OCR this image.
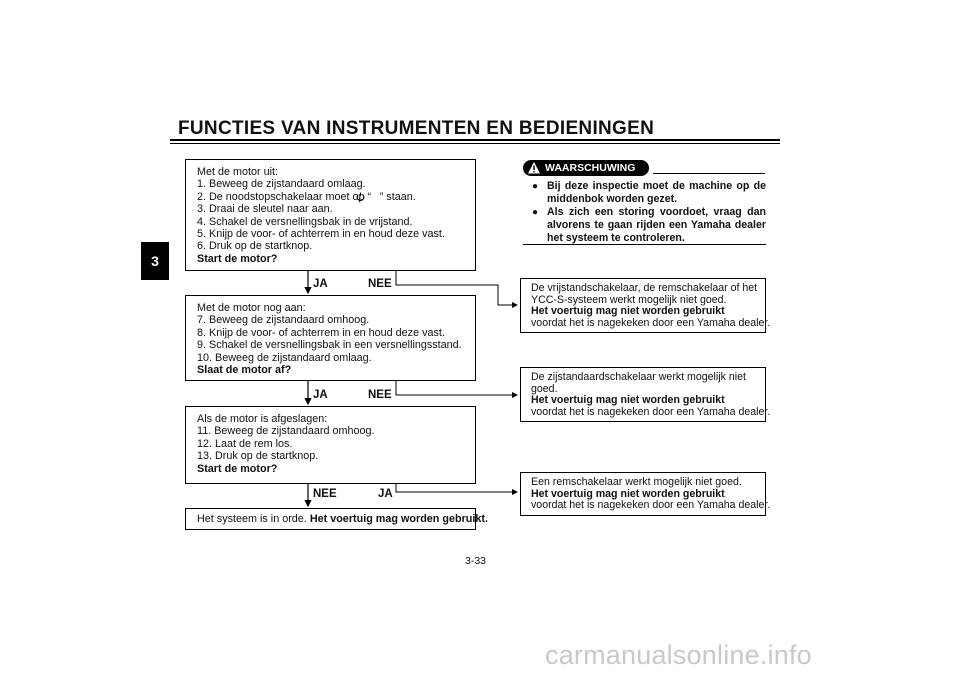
FUNCTIES VAN INSTRUMENTEN EN BEDIENINGEN
3
Met de motor uit:
1. Beweeg de zijstandaard omlaag.
2. De noodstopschakelaar moet op “    ” staan.
3. Draai de sleutel naar aan.
4. Schakel de versnellingsbak in de vrijstand.
5. Knijp de voor- of achterrem in en houd deze vast.
6. Druk op de startknop.
Start de motor?
JA	NEE
Met de motor nog aan:
7. Beweeg de zijstandaard omhoog.
8. Knijp de voor- of achterrem in en houd deze vast.
9. Schakel de versnellingsbak in een versnellingsstand.
10. Beweeg de zijstandaard omlaag.
Slaat de motor af?
JA	NEE
Als de motor is afgeslagen:
11. Beweeg de zijstandaard omhoog.
12. Laat de rem los.
13. Druk op de startknop.
Start de motor?
NEE	JA
Het systeem is in orde. Het voertuig mag worden gebruikt.
WAARSCHUWING
● Bij deze inspectie moet de machine op de middenbok worden gezet.
● Als zich een storing voordoet, vraag dan alvorens te gaan rijden een Yamaha dealer het systeem te controleren.
De vrijstandschakelaar, de remschakelaar of het
YCC-S-systeem werkt mogelijk niet goed.
Het voertuig mag niet worden gebruikt
voordat het is nagekeken door een Yamaha dealer.
De zijstandaardschakelaar werkt mogelijk niet
goed.
Het voertuig mag niet worden gebruikt
voordat het is nagekeken door een Yamaha dealer.
Een remschakelaar werkt mogelijk niet goed.
Het voertuig mag niet worden gebruikt
voordat het is nagekeken door een Yamaha dealer.
3-33
carmanualsonline.info
